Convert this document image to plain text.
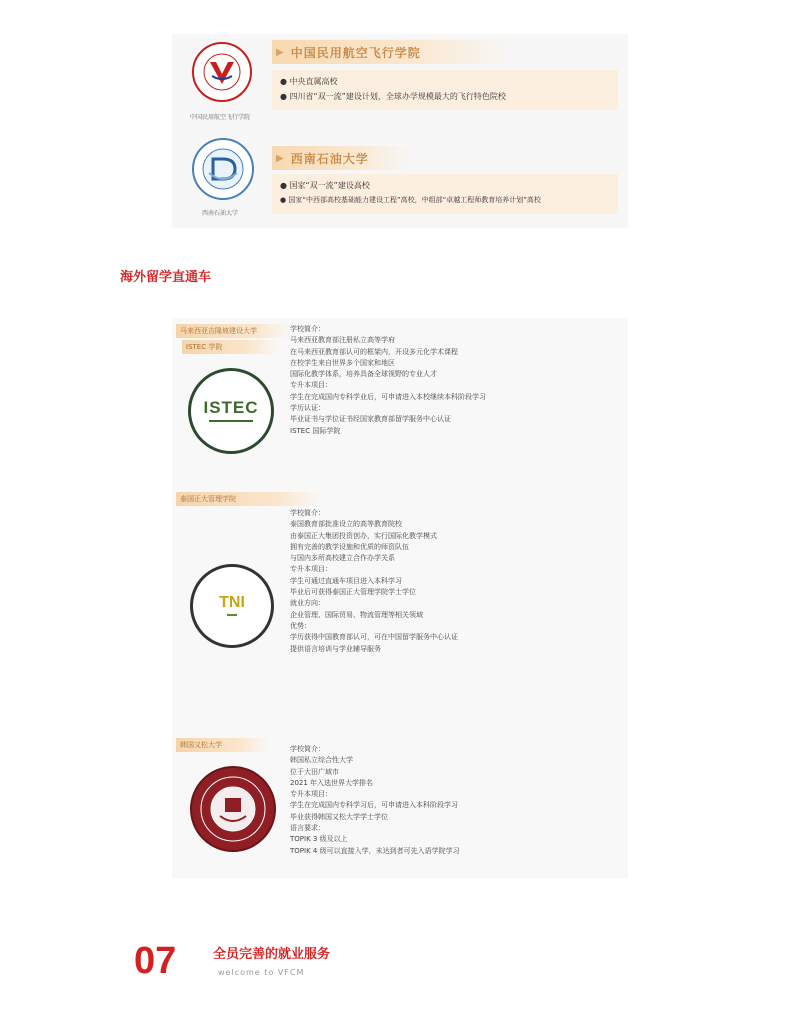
中国民用航空飞行学院
▶ 中国民用航空飞行学院
● 中央直属高校
● 四川省“双一流”建设计划，全球办学规模最大的飞行特色院校
西南石油大学
▶ 西南石油大学
● 国家“双一流”建设高校
● 国家“中西部高校基础能力建设工程”高校，中组部“卓越工程师教育培养计划”高校
海外留学直通车
马来西亚吉隆坡建设大学
ISTEC 学院
ISTEC
学校简介：
马来西亚教育部注册私立高等学府
在马来西亚教育部认可的框架内，开设多元化学术课程
在校学生来自世界多个国家和地区
国际化教学体系，培养具备全球视野的专业人才
专升本项目：
学生在完成国内专科学业后，可申请进入本校继续本科阶段学习
学历认证：
毕业证书与学位证书经国家教育部留学服务中心认证
ISTEC 国际学院
泰国正大管理学院
TNI
学校简介：
泰国教育部批准设立的高等教育院校
由泰国正大集团投资创办，实行国际化教学模式
拥有完善的教学设施和优质的师资队伍
与国内多所高校建立合作办学关系
专升本项目：
学生可通过直通车项目进入本科学习
毕业后可获得泰国正大管理学院学士学位
就业方向：
企业管理、国际贸易、物流管理等相关领域
优势：
学历获得中国教育部认可，可在中国留学服务中心认证
提供语言培训与学业辅导服务
韩国又松大学	学校简介：
韩国私立综合性大学
位于大田广域市
2021 年入选世界大学排名
专升本项目：
学生在完成国内专科学习后，可申请进入本科阶段学习
毕业获得韩国又松大学学士学位
语言要求：
TOPIK 3 级及以上
TOPIK 4 级可以直接入学，未达到者可先入语学院学习
07	全员完善的就业服务
welcome to VFCM
